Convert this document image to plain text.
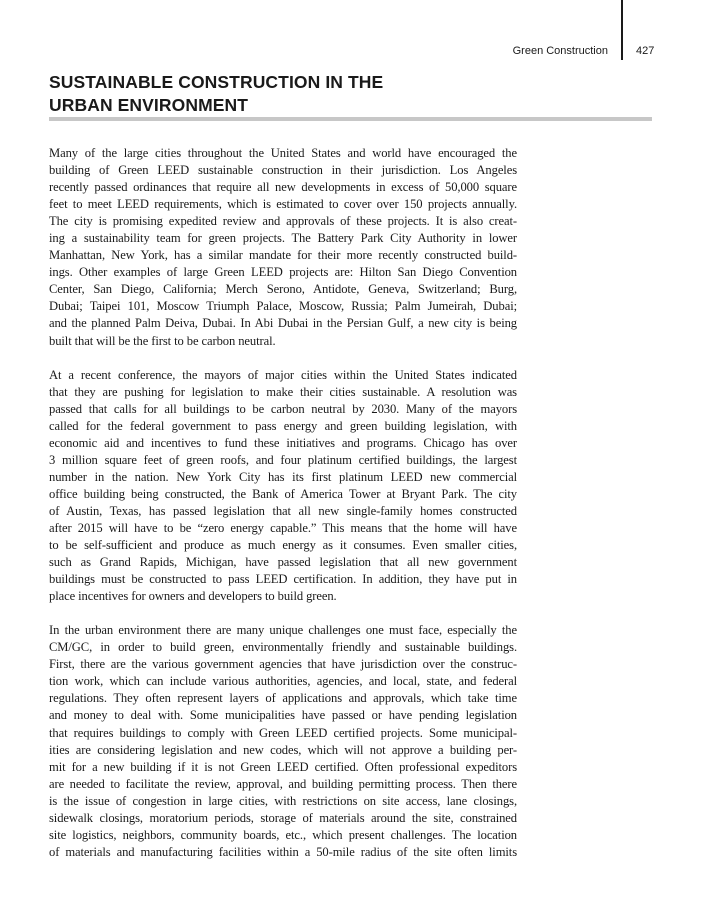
Green Construction	427
SUSTAINABLE CONSTRUCTION IN THE
URBAN ENVIRONMENT

Many of the large cities throughout the United States and world have encouraged the
building of Green LEED sustainable construction in their jurisdiction. Los Angeles
recently passed ordinances that require all new developments in excess of 50,000 square
feet to meet LEED requirements, which is estimated to cover over 150 projects annually.
The city is promising expedited review and approvals of these projects. It is also creat-
ing a sustainability team for green projects. The Battery Park City Authority in lower
Manhattan, New York, has a similar mandate for their more recently constructed build-
ings. Other examples of large Green LEED projects are: Hilton San Diego Convention
Center, San Diego, California; Merch Serono, Antidote, Geneva, Switzerland; Burg,
Dubai; Taipei 101, Moscow Triumph Palace, Moscow, Russia; Palm Jumeirah, Dubai;
and the planned Palm Deiva, Dubai. In Abi Dubai in the Persian Gulf, a new city is being
built that will be the first to be carbon neutral.

At a recent conference, the mayors of major cities within the United States indicated
that they are pushing for legislation to make their cities sustainable. A resolution was
passed that calls for all buildings to be carbon neutral by 2030. Many of the mayors
called for the federal government to pass energy and green building legislation, with
economic aid and incentives to fund these initiatives and programs. Chicago has over
3 million square feet of green roofs, and four platinum certified buildings, the largest
number in the nation. New York City has its first platinum LEED new commercial
office building being constructed, the Bank of America Tower at Bryant Park. The city
of Austin, Texas, has passed legislation that all new single-family homes constructed
after 2015 will have to be “zero energy capable.” This means that the home will have
to be self-sufficient and produce as much energy as it consumes. Even smaller cities,
such as Grand Rapids, Michigan, have passed legislation that all new government
buildings must be constructed to pass LEED certification. In addition, they have put in
place incentives for owners and developers to build green.

In the urban environment there are many unique challenges one must face, especially the
CM/GC, in order to build green, environmentally friendly and sustainable buildings.
First, there are the various government agencies that have jurisdiction over the construc-
tion work, which can include various authorities, agencies, and local, state, and federal
regulations. They often represent layers of applications and approvals, which take time
and money to deal with. Some municipalities have passed or have pending legislation
that requires buildings to comply with Green LEED certified projects. Some municipal-
ities are considering legislation and new codes, which will not approve a building per-
mit for a new building if it is not Green LEED certified. Often professional expeditors
are needed to facilitate the review, approval, and building permitting process. Then there
is the issue of congestion in large cities, with restrictions on site access, lane closings,
sidewalk closings, moratorium periods, storage of materials around the site, constrained
site logistics, neighbors, community boards, etc., which present challenges. The location
of materials and manufacturing facilities within a 50-mile radius of the site often limits
